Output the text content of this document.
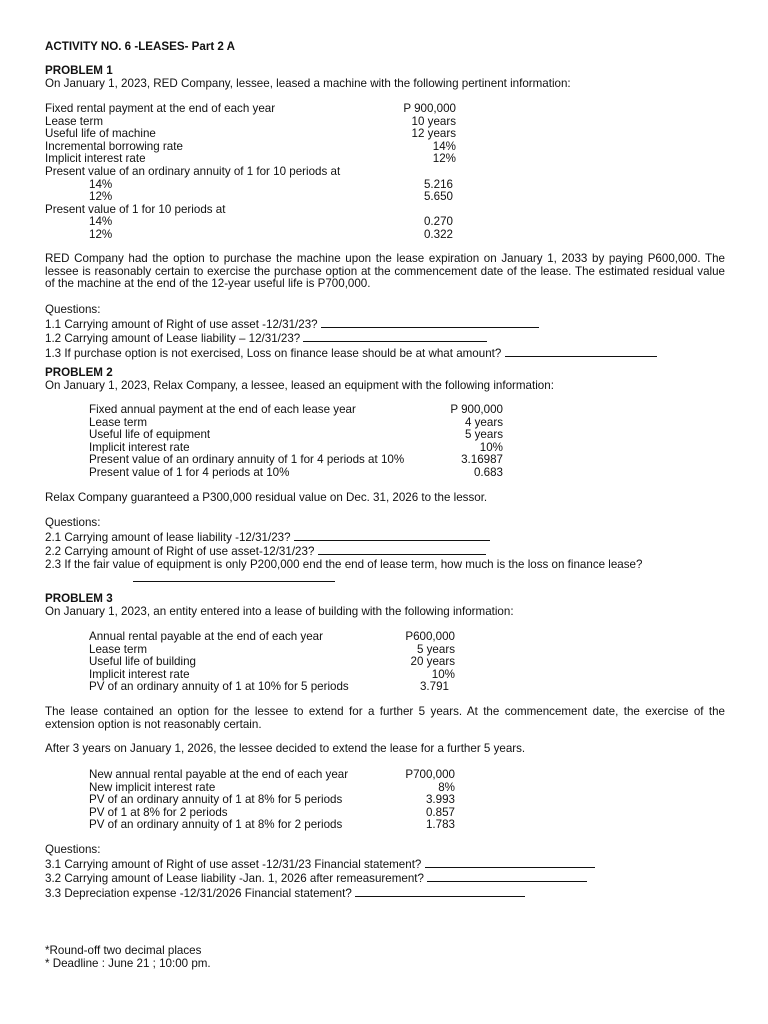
ACTIVITY NO. 6 -LEASES- Part 2 A
PROBLEM 1
On January 1, 2023, RED Company, lessee, leased a machine with the following pertinent information:
Fixed rental payment at the end of each year	P 900,000
Lease term	10 years
Useful life of machine	12 years
Incremental borrowing rate	14%
Implicit interest rate	12%
Present value of an ordinary annuity of 1 for 10 periods at
14%	5.216
12%	5.650
Present value of 1 for 10 periods at
14%	0.270
12%	0.322
RED Company had the option to purchase the machine upon the lease expiration on January 1, 2033 by paying P600,000. The lessee is reasonably certain to exercise the purchase option at the commencement date of the lease. The estimated residual value of the machine at the end of the 12-year useful life is P700,000.
Questions:
1.1 Carrying amount of Right of use asset -12/31/23?
1.2 Carrying amount of Lease liability – 12/31/23?
1.3 If purchase option is not exercised, Loss on finance lease should be at what amount?
PROBLEM 2
On January 1, 2023, Relax Company, a lessee, leased an equipment with the following information:
Fixed annual payment at the end of each lease year	P 900,000
Lease term	4 years
Useful life of equipment	5 years
Implicit interest rate	10%
Present value of an ordinary annuity of 1 for 4 periods at 10%	3.16987
Present value of 1 for 4 periods at 10%	0.683
Relax Company guaranteed a P300,000 residual value on Dec. 31, 2026 to the lessor.
Questions:
2.1 Carrying amount of lease liability -12/31/23?
2.2 Carrying amount of Right of use asset-12/31/23?
2.3 If the fair value of equipment is only P200,000 end the end of lease term, how much is the loss on finance lease?
PROBLEM 3
On January 1, 2023, an entity entered into a lease of building with the following information:
Annual rental payable at the end of each year	P600,000
Lease term	5 years
Useful life of building	20 years
Implicit interest rate	10%
PV of an ordinary annuity of 1 at 10% for 5 periods	3.791
The lease contained an option for the lessee to extend for a further 5 years. At the commencement date, the exercise of the extension option is not reasonably certain.
After 3 years on January 1, 2026, the lessee decided to extend the lease for a further 5 years.
New annual rental payable at the end of each year	P700,000
New implicit interest rate	8%
PV of an ordinary annuity of 1 at 8% for 5 periods	3.993
PV of 1 at 8% for 2 periods	0.857
PV of an ordinary annuity of 1 at 8% for 2 periods	1.783
Questions:
3.1 Carrying amount of Right of use asset -12/31/23 Financial statement?
3.2 Carrying amount of Lease liability -Jan. 1, 2026 after remeasurement?
3.3 Depreciation expense -12/31/2026 Financial statement?
*Round-off two decimal places
* Deadline : June 21 ; 10:00 pm.
